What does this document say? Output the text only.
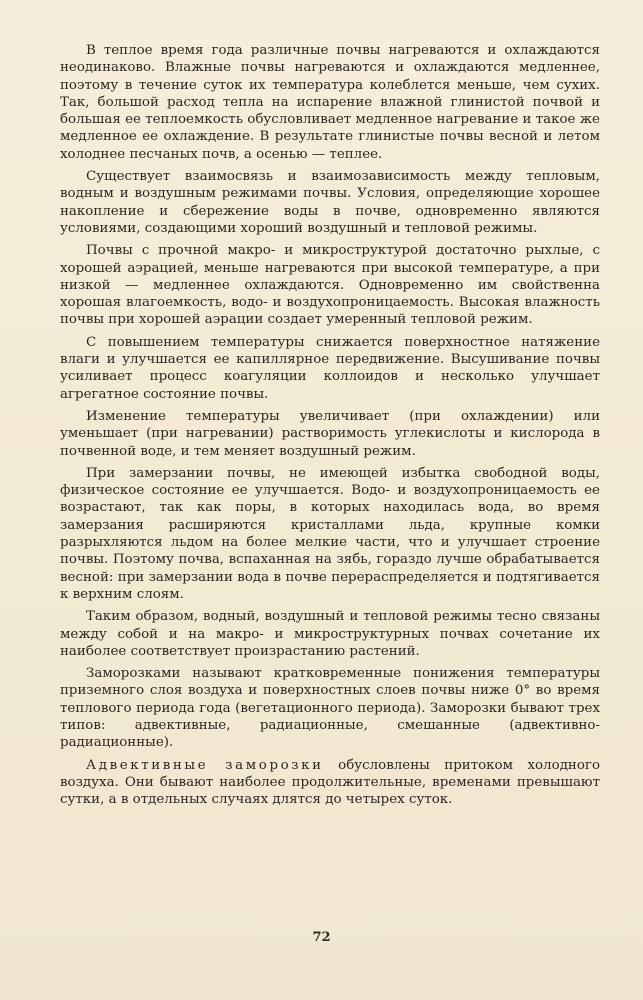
В теплое время года различные почвы нагреваются и охлаждаются неодинаково. Влажные почвы нагреваются и охлаждаются медленнее, поэтому в течение суток их температура колеблется меньше, чем сухих. Так, большой расход тепла на испарение влажной глинистой почвой и большая ее теплоемкость обусловливает медленное нагревание и такое же медленное ее охлаждение. В результате глинистые почвы весной и летом холоднее песчаных почв, а осенью — теплее.

Существует взаимосвязь и взаимозависимость между тепловым, водным и воздушным режимами почвы. Условия, определяющие хорошее накопление и сбережение воды в почве, одновременно являются условиями, создающими хороший воздушный и тепловой режимы.

Почвы с прочной макро- и микроструктурой достаточно рыхлые, с хорошей аэрацией, меньше нагреваются при высокой температуре, а при низкой — медленнее охлаждаются. Одновременно им свойственна хорошая влагоемкость, водо- и воздухопроницаемость. Высокая влажность почвы при хорошей аэрации создает умеренный тепловой режим.

С повышением температуры снижается поверхностное натяжение влаги и улучшается ее капиллярное передвижение. Высушивание почвы усиливает процесс коагуляции коллоидов и несколько улучшает агрегатное состояние почвы.

Изменение температуры увеличивает (при охлаждении) или уменьшает (при нагревании) растворимость углекислоты и кислорода в почвенной воде, и тем меняет воздушный режим.

При замерзании почвы, не имеющей избытка свободной воды, физическое состояние ее улучшается. Водо- и воздухопроницаемость ее возрастают, так как поры, в которых находилась вода, во время замерзания расширяются кристаллами льда, крупные комки разрыхляются льдом на более мелкие части, что и улучшает строение почвы. Поэтому почва, вспаханная на зябь, гораздо лучше обрабатывается весной: при замерзании вода в почве перераспределяется и подтягивается к верхним слоям.

Таким образом, водный, воздушный и тепловой режимы тесно связаны между собой и на макро- и микроструктурных почвах сочетание их наиболее соответствует произрастанию растений.

Заморозками называют кратковременные понижения температуры приземного слоя воздуха и поверхностных слоев почвы ниже 0° во время теплового периода года (вегетационного периода). Заморозки бывают трех типов: адвективные, радиационные, смешанные (адвективно-радиационные).

Адвективные заморозки обусловлены притоком холодного воздуха. Они бывают наиболее продолжительные, временами превышают сутки, а в отдельных случаях длятся до четырех суток.

72
